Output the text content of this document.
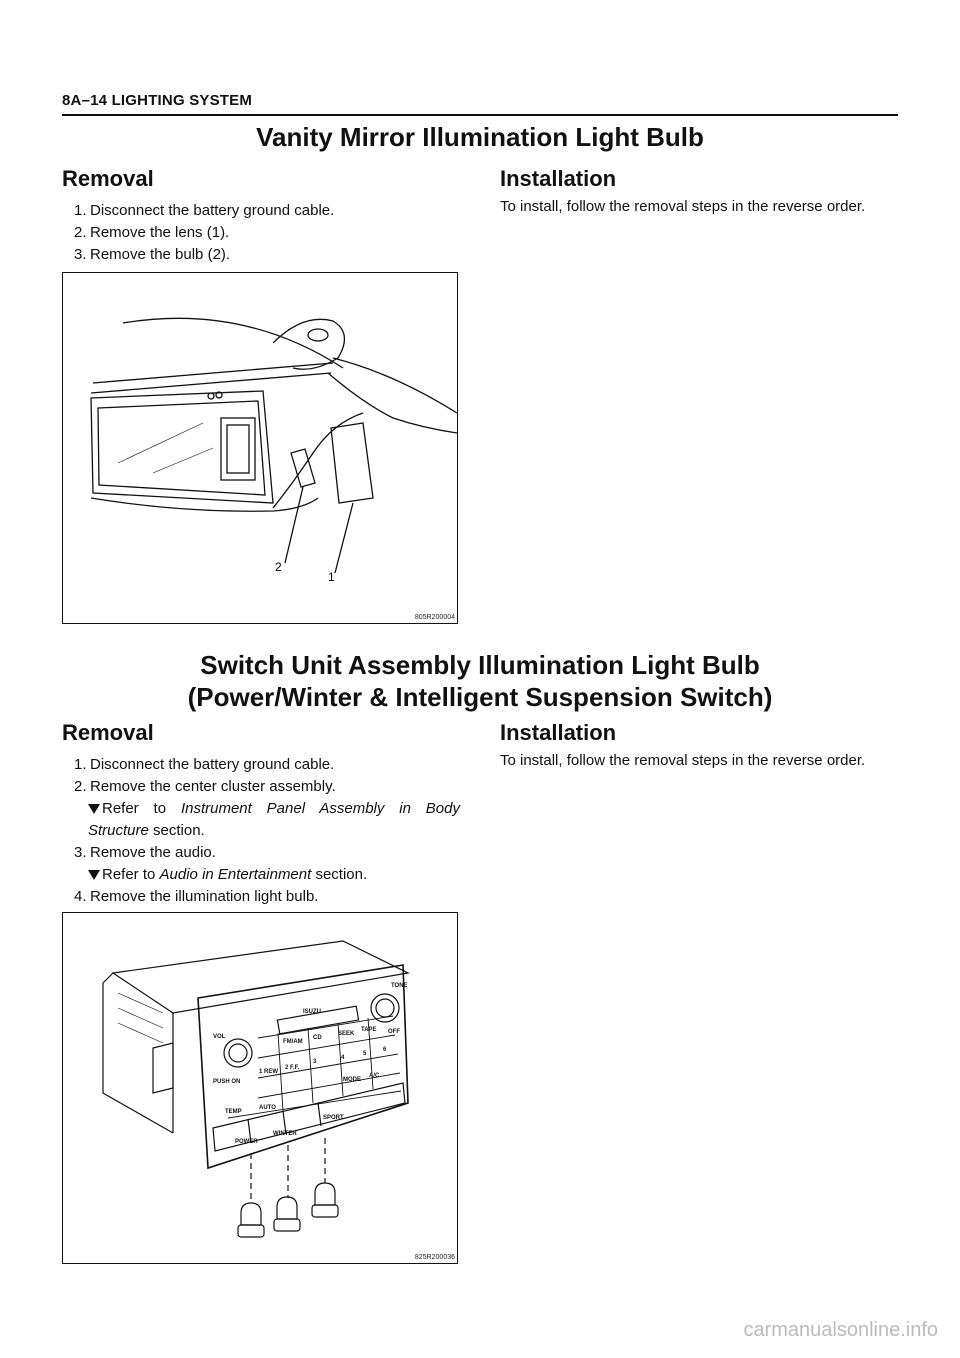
8A–14 LIGHTING SYSTEM
Vanity Mirror Illumination Light Bulb
Removal
1. Disconnect the battery ground cable.
2. Remove the lens (1).
3. Remove the bulb (2).
Installation
To install, follow the removal steps in the reverse order.
2
1
805R200004
Switch Unit Assembly Illumination Light Bulb
(Power/Winter & Intelligent Suspension Switch)
Removal
1. Disconnect the battery ground cable.
2. Remove the center cluster assembly.
Refer to Instrument Panel Assembly in Body Structure section.
3. Remove the audio.
Refer to Audio in Entertainment section.
4. Remove the illumination light bulb.
Installation
To install, follow the removal steps in the reverse order.
ISUZU
VOL
FM/AM
CD
SEEK
TAPE
PUSH ON
1 REW
2 F.F.
3
4
5
6
MODE
A/C
OFF
TEMP
AUTO
POWER
WINTER
SPORT
TONE
825R200036
carmanualsonline.info
